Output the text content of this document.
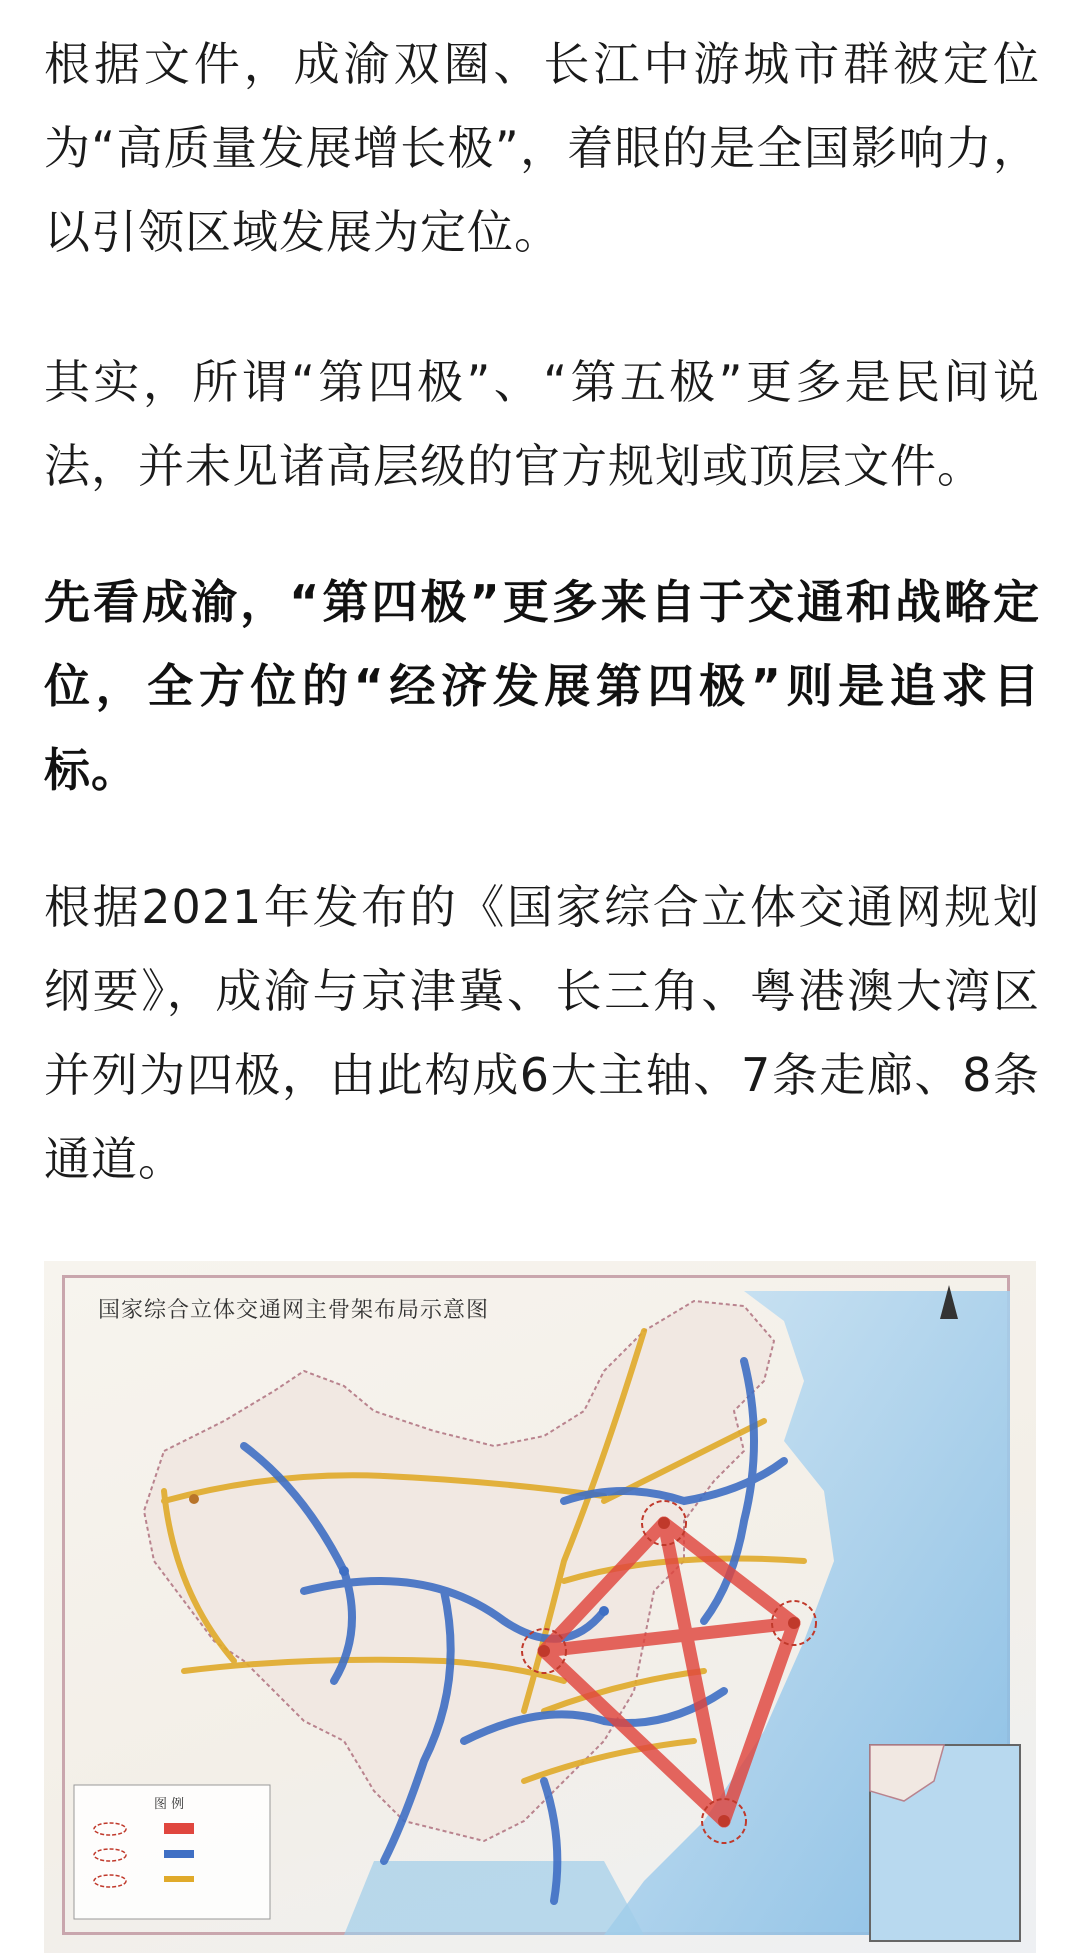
根据文件，成渝双圈、长江中游城市群被定位为“高质量发展增长极”，着眼的是全国影响力，以引领区域发展为定位。

其实，所谓“第四极”、“第五极”更多是民间说法，并未见诸高层级的官方规划或顶层文件。

先看成渝，“第四极”更多来自于交通和战略定位，全方位的“经济发展第四极”则是追求目标。

根据2021年发布的《国家综合立体交通网规划纲要》，成渝与京津冀、长三角、粤港澳大湾区并列为四极，由此构成6大主轴、7条走廊、8条通道。

国家综合立体交通网主骨架布局示意图
图 例
